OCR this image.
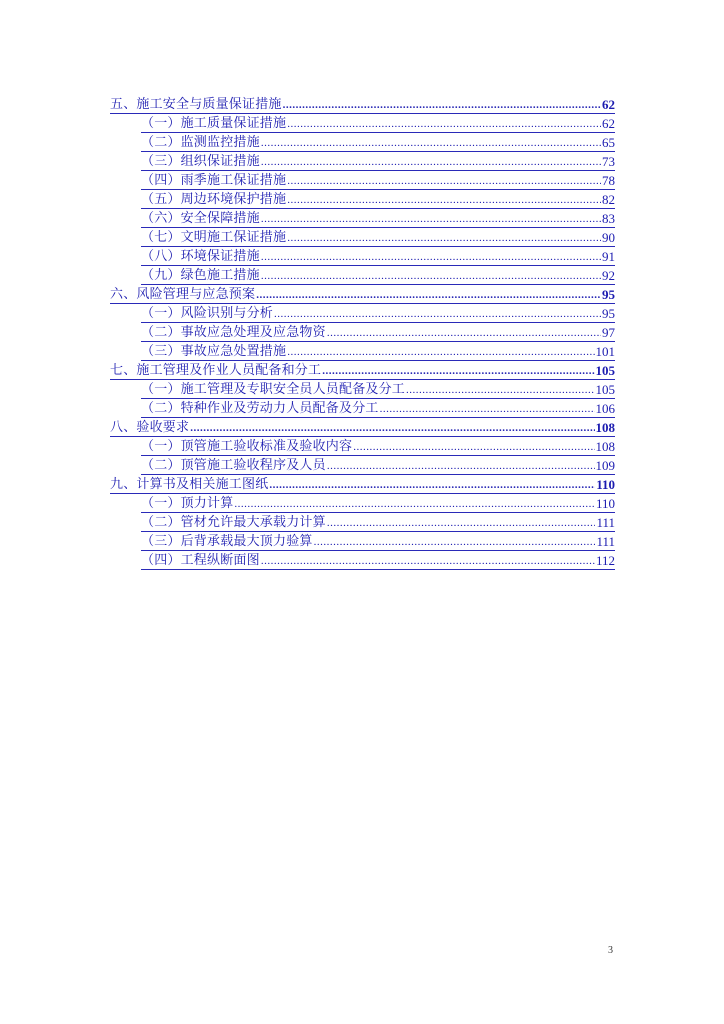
五、施工安全与质量保证措施 .....	62
（一）施工质量保证措施 .....	62
（二）监测监控措施 .....	65
（三）组织保证措施 .....	73
（四）雨季施工保证措施 .....	78
（五）周边环境保护措施 .....	82
（六）安全保障措施 .....	83
（七）文明施工保证措施 .....	90
（八）环境保证措施 .....	91
（九）绿色施工措施 .....	92
六、风险管理与应急预案 .....	95
（一）风险识别与分析 .....	95
（二）事故应急处理及应急物资 .....	97
（三）事故应急处置措施 .....	101
七、施工管理及作业人员配备和分工 .....	105
（一）施工管理及专职安全员人员配备及分工 .....	105
（二）特种作业及劳动力人员配备及分工 .....	106
八、验收要求 .....	108
（一）顶管施工验收标准及验收内容 .....	108
（二）顶管施工验收程序及人员 .....	109
九、计算书及相关施工图纸 .....	110
（一）顶力计算 .....	110
（二）管材允许最大承载力计算 .....	111
（三）后背承载最大顶力验算 .....	111
（四）工程纵断面图 .....	112
3
